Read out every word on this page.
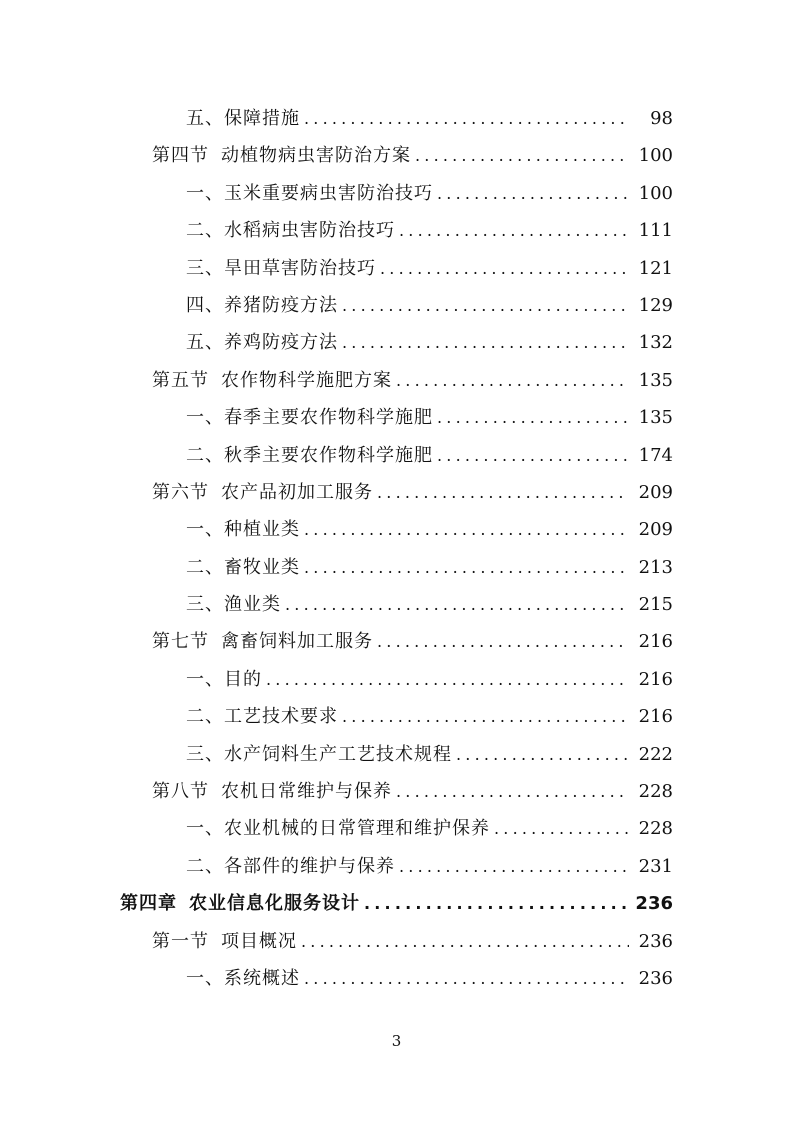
五、保障措施 .....	98
第四节 动植物病虫害防治方案 .....	100
一、玉米重要病虫害防治技巧 .....	100
二、水稻病虫害防治技巧 .....	111
三、旱田草害防治技巧 .....	121
四、养猪防疫方法 .....	129
五、养鸡防疫方法 .....	132
第五节 农作物科学施肥方案 .....	135
一、春季主要农作物科学施肥 .....	135
二、秋季主要农作物科学施肥 .....	174
第六节 农产品初加工服务 .....	209
一、种植业类 .....	209
二、畜牧业类 .....	213
三、渔业类 .....	215
第七节 禽畜饲料加工服务 .....	216
一、目的 .....	216
二、工艺技术要求 .....	216
三、水产饲料生产工艺技术规程 .....	222
第八节 农机日常维护与保养 .....	228
一、农业机械的日常管理和维护保养 .....	228
二、各部件的维护与保养 .....	231
第四章 农业信息化服务设计 .....	236
第一节 项目概况 .....	236
一、系统概述 .....	236
3
